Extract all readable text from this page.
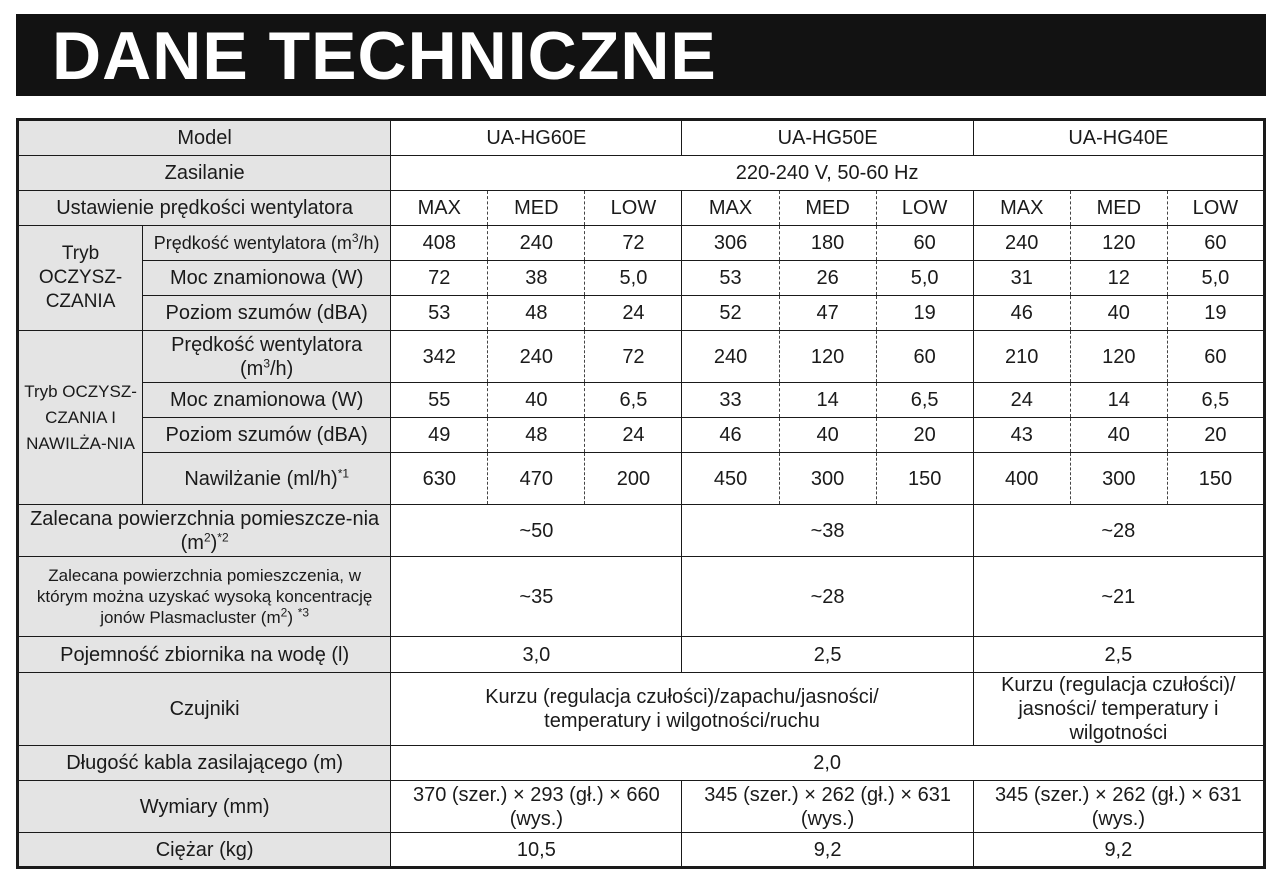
DANE TECHNICZNE
Model		UA-HG60E			UA-HG50E			UA-HG40E		
Zasilanie		220-240 V, 50-60 Hz								
Ustawienie prędkości wentylatora		MAX	MED	LOW	MAX	MED	LOW	MAX	MED	LOW
Tryb OCZYSZ-CZANIA	Prędkość wentylatora $(m^3/h)$	408	240	72	306	180	60	240	120	60
	Moc znamionowa (W)	72	38	5,0	53	26	5,0	31	12	5,0
	Poziom szumów (dBA)	53	48	24	52	47	19	46	40	19
Tryb OCZYSZ-CZANIA I NAWILŻA-NIA	Prędkość wentylatora $(m^3/h)$	342	240	72	240	120	60	210	120	60
	Moc znamionowa (W)	55	40	6,5	33	14	6,5	24	14	6,5
	Poziom szumów (dBA)	49	48	24	46	40	20	43	40	20
	Nawilżanie $(ml/h)^{*1}$	630	470	200	450	300	150	400	300	150
Zalecana powierzchnia pomieszcze-nia $(m^2)^{*2}$		~50			~38			~28		
Zalecana powierzchnia pomieszczenia, w którym można uzyskać wysoką koncentrację jonów Plasmacluster $(m^2)$ $^{*3}$		~35			~28			~21		
Pojemność zbiornika na wodę (l)		3,0			2,5			2,5		
Czujniki		Kurzu (regulacja czułości)/zapachu/jasności/ temperatury i wilgotności/ruchu						Kurzu (regulacja czułości)/ jasności/ temperatury i wilgotności		
Długość kabla zasilającego (m)		2,0								
Wymiary (mm)		370 (szer.) × 293 (gł.) × 660 (wys.)			345 (szer.) × 262 (gł.) × 631 (wys.)			345 (szer.) × 262 (gł.) × 631 (wys.)		
Ciężar (kg)		10,5			9,2			9,2		
